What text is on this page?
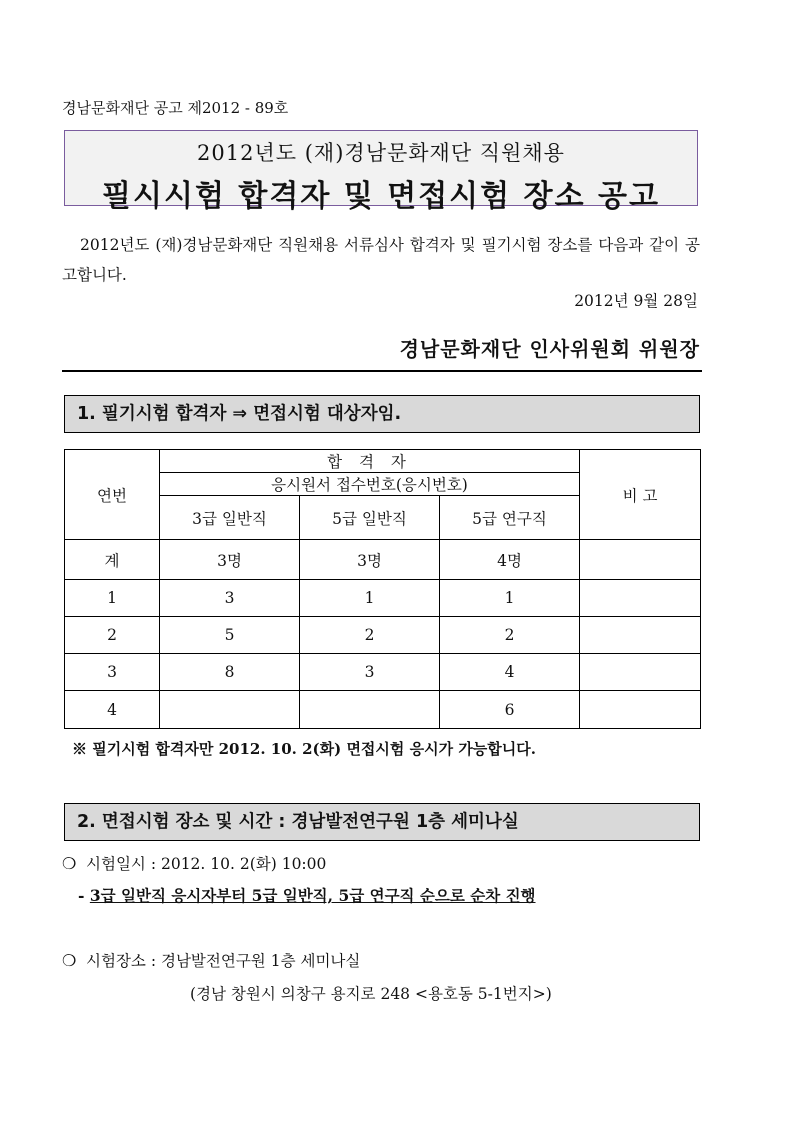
경남문화재단 공고 제2012 - 89호
2012년도 (재)경남문화재단 직원채용
필시시험 합격자 및 면접시험 장소 공고
2012년도 (재)경남문화재단 직원채용 서류심사 합격자 및 필기시험 장소를 다음과 같이 공고합니다.
2012년 9월 28일
경남문화재단 인사위원회 위원장
1. 필기시험 합격자 ⇒ 면접시험 대상자임.
연번	합 격 자			비 고
	응시원서 접수번호(응시번호)			
	3급 일반직	5급 일반직	5급 연구직	
계	3명	3명	4명	
1	3	1	1	
2	5	2	2	
3	8	3	4	
4			6	
※ 필기시험 합격자만 2012. 10. 2(화) 면접시험 응시가 가능합니다.
2. 면접시험 장소 및 시간 : 경남발전연구원 1층 세미나실
❍ 시험일시 : 2012. 10. 2(화) 10:00
- 3급 일반직 응시자부터 5급 일반직, 5급 연구직 순으로 순차 진행
❍ 시험장소 : 경남발전연구원 1층 세미나실
(경남 창원시 의창구 용지로 248 <용호동 5-1번지>)
